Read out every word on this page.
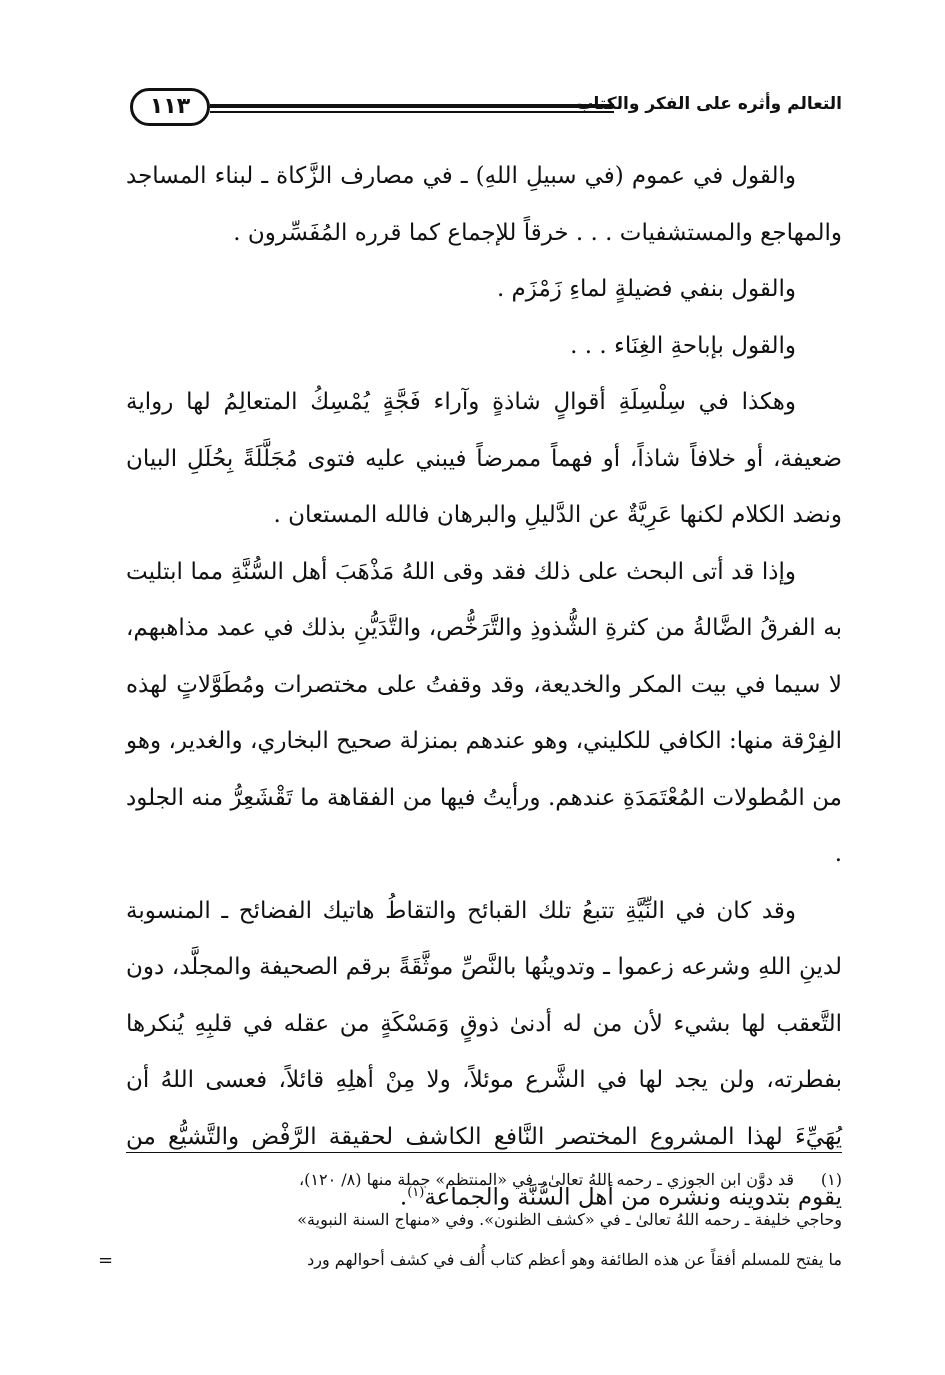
١١٣	التعالم وأثره على الفكر والكتاب

والقول في عموم (في سبيلِ اللهِ) ـ في مصارف الزَّكاة ـ لبناء المساجد والمهاجع والمستشفيات . . . خرقاً للإجماع كما قرره المُفَسِّرون .

والقول بنفي فضيلةٍ لماءِ زَمْزَم .

والقول بإباحةِ الغِنَاء . . .

وهكذا في سِلْسِلَةِ أقوالٍ شاذةٍ وآراء فَجَّةٍ يُمْسِكُ المتعالِمُ لها رواية ضعيفة، أو خلافاً شاذاً، أو فهماً ممرضاً فيبني عليه فتوى مُجَلَّلَةً بِحُلَلِ البيان ونضد الكلام لكنها عَرِيَّةٌ عن الدَّليلِ والبرهان فالله المستعان .

وإذا قد أتى البحث على ذلك فقد وقى اللهُ مَذْهَبَ أهل السُّنَّةِ مما ابتليت به الفرقُ الضَّالةُ من كثرةِ الشُّذوذِ والتَّرَخُّص، والتَّدَيُّنِ بذلك في عمد مذاهبهم، لا سيما في بيت المكر والخديعة، وقد وقفتُ على مختصرات ومُطَوَّلاتٍ لهذه الفِرْقة منها: الكافي للكليني، وهو عندهم بمنزلة صحيح البخاري، والغدير، وهو من المُطولات المُعْتَمَدَةِ عندهم. ورأيتُ فيها من الفقاهة ما تَقْشَعِرُّ منه الجلود .

وقد كان في النِّيَّةِ تتبعُ تلك القبائح والتقاطُ هاتيك الفضائح ـ المنسوبة لدينِ اللهِ وشرعه زعموا ـ وتدوينُها بالنَّصِّ موثَّقَةً برقم الصحيفة والمجلَّد، دون التَّعقب لها بشيء لأن من له أدنىٰ ذوقٍ وَمَسْكَةٍ من عقله في قلبِهِ يُنكرها بفطرته، ولن يجد لها في الشَّرع موئلاً، ولا مِنْ أهلِهِ قائلاً، فعسى اللهُ أن يُهَيِّءَ لهذا المشروع المختصر النَّافع الكاشف لحقيقة الرَّفْض والتَّشيُّع من يقوم بتدوينه ونشره من أهل السُّنَّة والجماعة$^{(١)}$.

(١)
قد دوَّن ابن الجوزي ـ رحمه اللهُ تعالىٰ ـ في «المنتظم» جملة منها (٨/ ١٢٠)،
وحاجي خليفة ـ رحمه اللهُ تعالىٰ ـ في «كشف الظنون». وفي «منهاج السنة النبوية»
ما يفتح للمسلم أفقاً عن هذه الطائفة وهو أعظم كتاب أُلف في كشف أحوالهم ورد
=
